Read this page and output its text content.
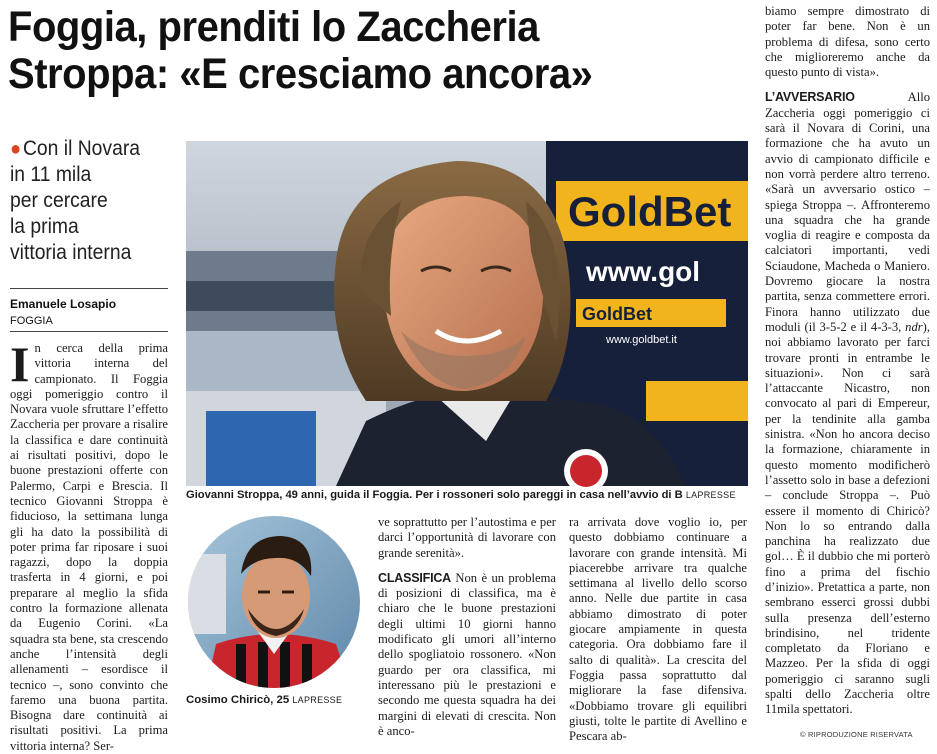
Foggia, prenditi lo Zaccheria
Stroppa: «E cresciamo ancora»
●Con il Novara
in 11 mila
per cercare
la prima
vittoria interna
Emanuele Losapio
FOGGIA

In cerca della prima vittoria interna del campionato. Il Foggia oggi pomeriggio contro il Novara vuole sfruttare l’effetto Zaccheria per provare a risalire la classifica e dare continuità ai risultati positivi, dopo le buone prestazioni offerte con Palermo, Carpi e Brescia. Il tecnico Giovanni Stroppa è fiducioso, la settimana lunga gli ha dato la possibilità di poter prima far riposare i suoi ragazzi, dopo la doppia trasferta in 4 giorni, e poi preparare al meglio la sfida contro la formazione allenata da Eugenio Corini. «La squadra sta bene, sta crescendo anche l’intensità degli allenamenti – esordisce il tecnico –, sono convinto che faremo una buona partita. Bisogna dare continuità ai risultati positivi. La prima vittoria interna? Ser-

GoldBet
www.gol
GoldBet
www.goldbet.it
Giovanni Stroppa, 49 anni, guida il Foggia. Per i rossoneri solo pareggi in casa nell’avvio di B LAPRESSE
Cosimo Chiricò, 25 LAPRESSE

ve soprattutto per l’autostima e per darci l’opportunità di lavorare con grande serenità».

CLASSIFICA Non è un problema di posizioni di classifica, ma è chiaro che le buone prestazioni degli ultimi 10 giorni hanno modificato gli umori all’interno dello spogliatoio rossonero. «Non guardo per ora classifica, mi interessano più le prestazioni e secondo me questa squadra ha dei margini di elevati di crescita. Non è anco-

ra arrivata dove voglio io, per questo dobbiamo continuare a lavorare con grande intensità. Mi piacerebbe arrivare tra qualche settimana al livello dello scorso anno. Nelle due partite in casa abbiamo dimostrato di poter giocare ampiamente in questa categoria. Ora dobbiamo fare il salto di qualità». La crescita del Foggia passa soprattutto dal migliorare la fase difensiva. «Dobbiamo trovare gli equilibri giusti, tolte le partite di Avellino e Pescara ab-

biamo sempre dimostrato di poter far bene. Non è un problema di difesa, sono certo che miglioreremo anche da questo punto di vista».

L’AVVERSARIO Allo Zaccheria oggi pomeriggio ci sarà il Novara di Corini, una formazione che ha avuto un avvio di campionato difficile e non vorrà perdere altro terreno. «Sarà un avversario ostico – spiega Stroppa –. Affronteremo una squadra che ha grande voglia di reagire e composta da calciatori importanti, vedi Sciaudone, Macheda o Maniero. Dovremo giocare la nostra partita, senza commettere errori. Finora hanno utilizzato due moduli (il 3-5-2 e il 4-3-3, ndr), noi abbiamo lavorato per farci trovare pronti in entrambe le situazioni». Non ci sarà l’attaccante Nicastro, non convocato al pari di Empereur, per la tendinite alla gamba sinistra. «Non ho ancora deciso la formazione, chiaramente in questo momento modificherò l’assetto solo in base a defezioni – conclude Stroppa –. Può essere il momento di Chiricò? Non lo so entrando dalla panchina ha realizzato due gol… È il dubbio che mi porterò fino a prima del fischio d’inizio». Pretattica a parte, non sembrano esserci grossi dubbi sulla presenza dell’esterno brindisino, nel tridente completato da Floriano e Mazzeo. Per la sfida di oggi pomeriggio ci saranno sugli spalti dello Zaccheria oltre 11mila spettatori.

© RIPRODUZIONE RISERVATA
